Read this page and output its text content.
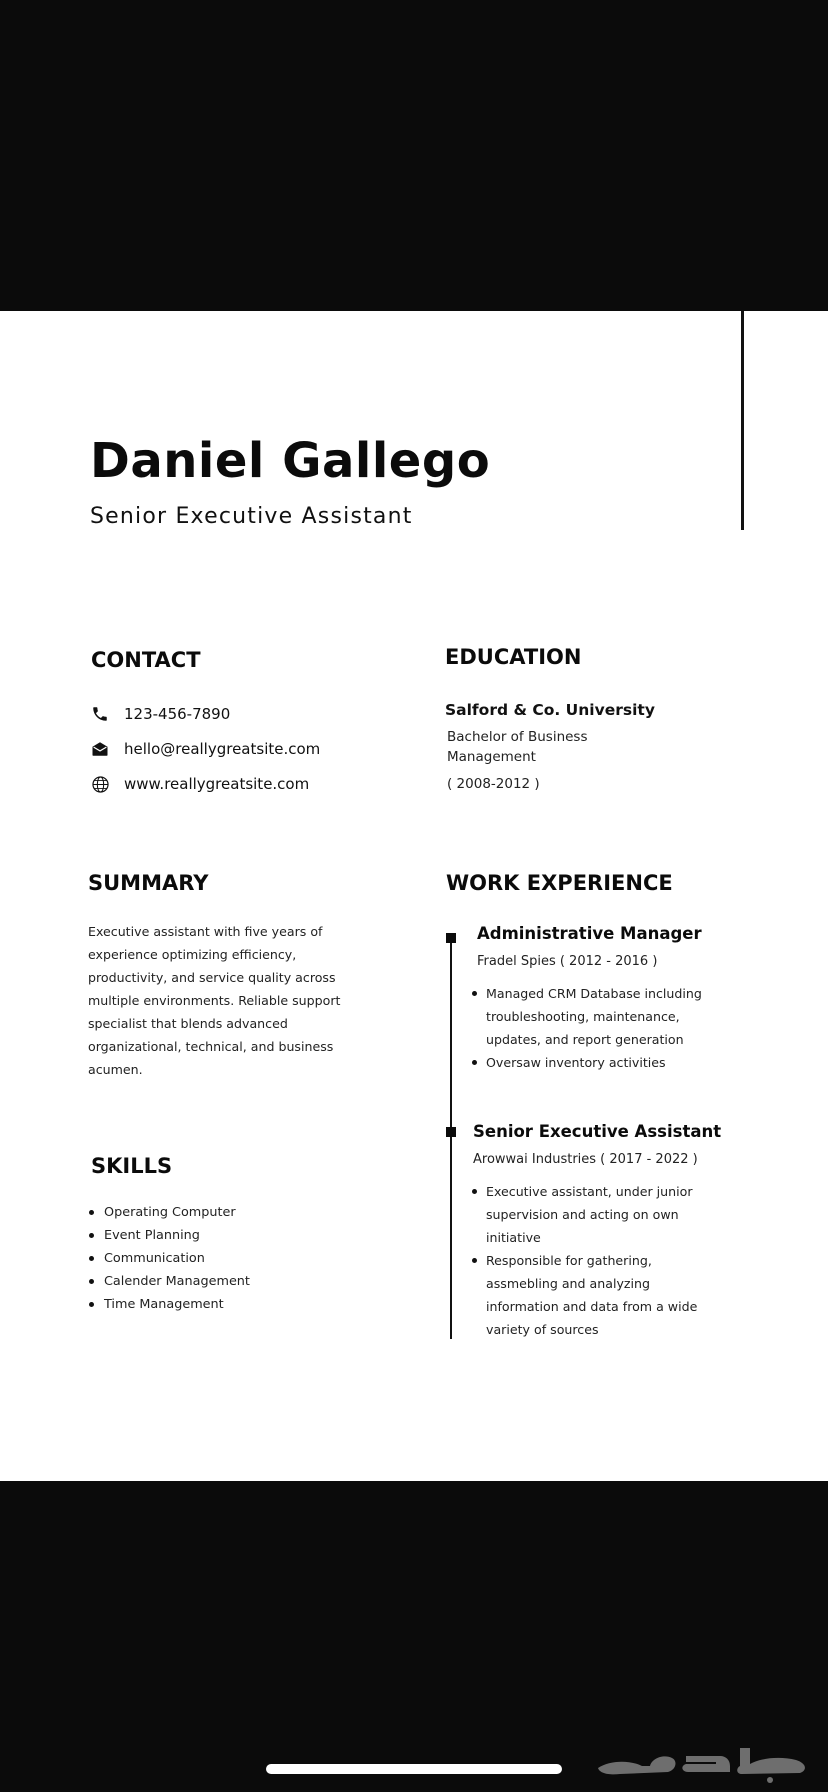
Daniel Gallego
Senior Executive Assistant
CONTACT
123-456-7890
hello@reallygreatsite.com
www.reallygreatsite.com
EDUCATION
Salford & Co. University
Bachelor of Business Management
( 2008-2012 )
SUMMARY
Executive assistant with five years of experience optimizing efficiency, productivity, and service quality across multiple environments. Reliable support specialist that blends advanced organizational, technical, and business acumen.
SKILLS
Operating Computer
Event Planning
Communication
Calender Management
Time Management
WORK EXPERIENCE
Administrative Manager
Fradel Spies ( 2012 - 2016 )
Managed CRM Database including troubleshooting, maintenance, updates, and report generation
Oversaw inventory activities
Senior Executive Assistant
Arowwai Industries ( 2017 - 2022 )
Executive assistant, under junior supervision and acting on own initiative
Responsible for gathering, assmebling and analyzing information and data from a wide variety of sources
